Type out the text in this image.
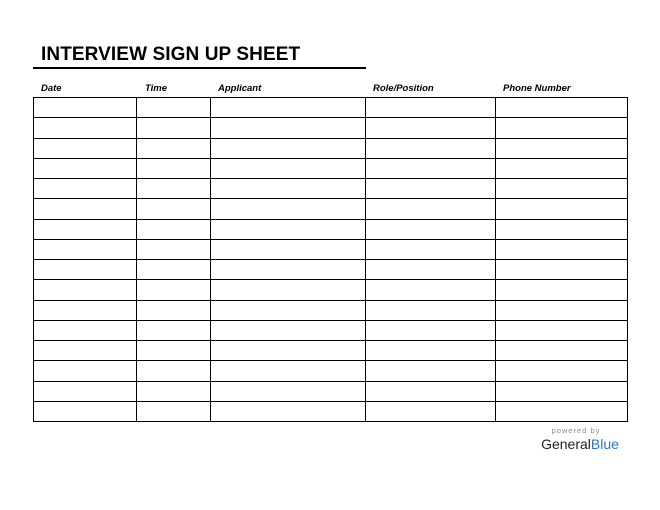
INTERVIEW SIGN UP SHEET
Date	Time	Applicant	Role/Position	Phone Number

powered by
GeneralBlue
